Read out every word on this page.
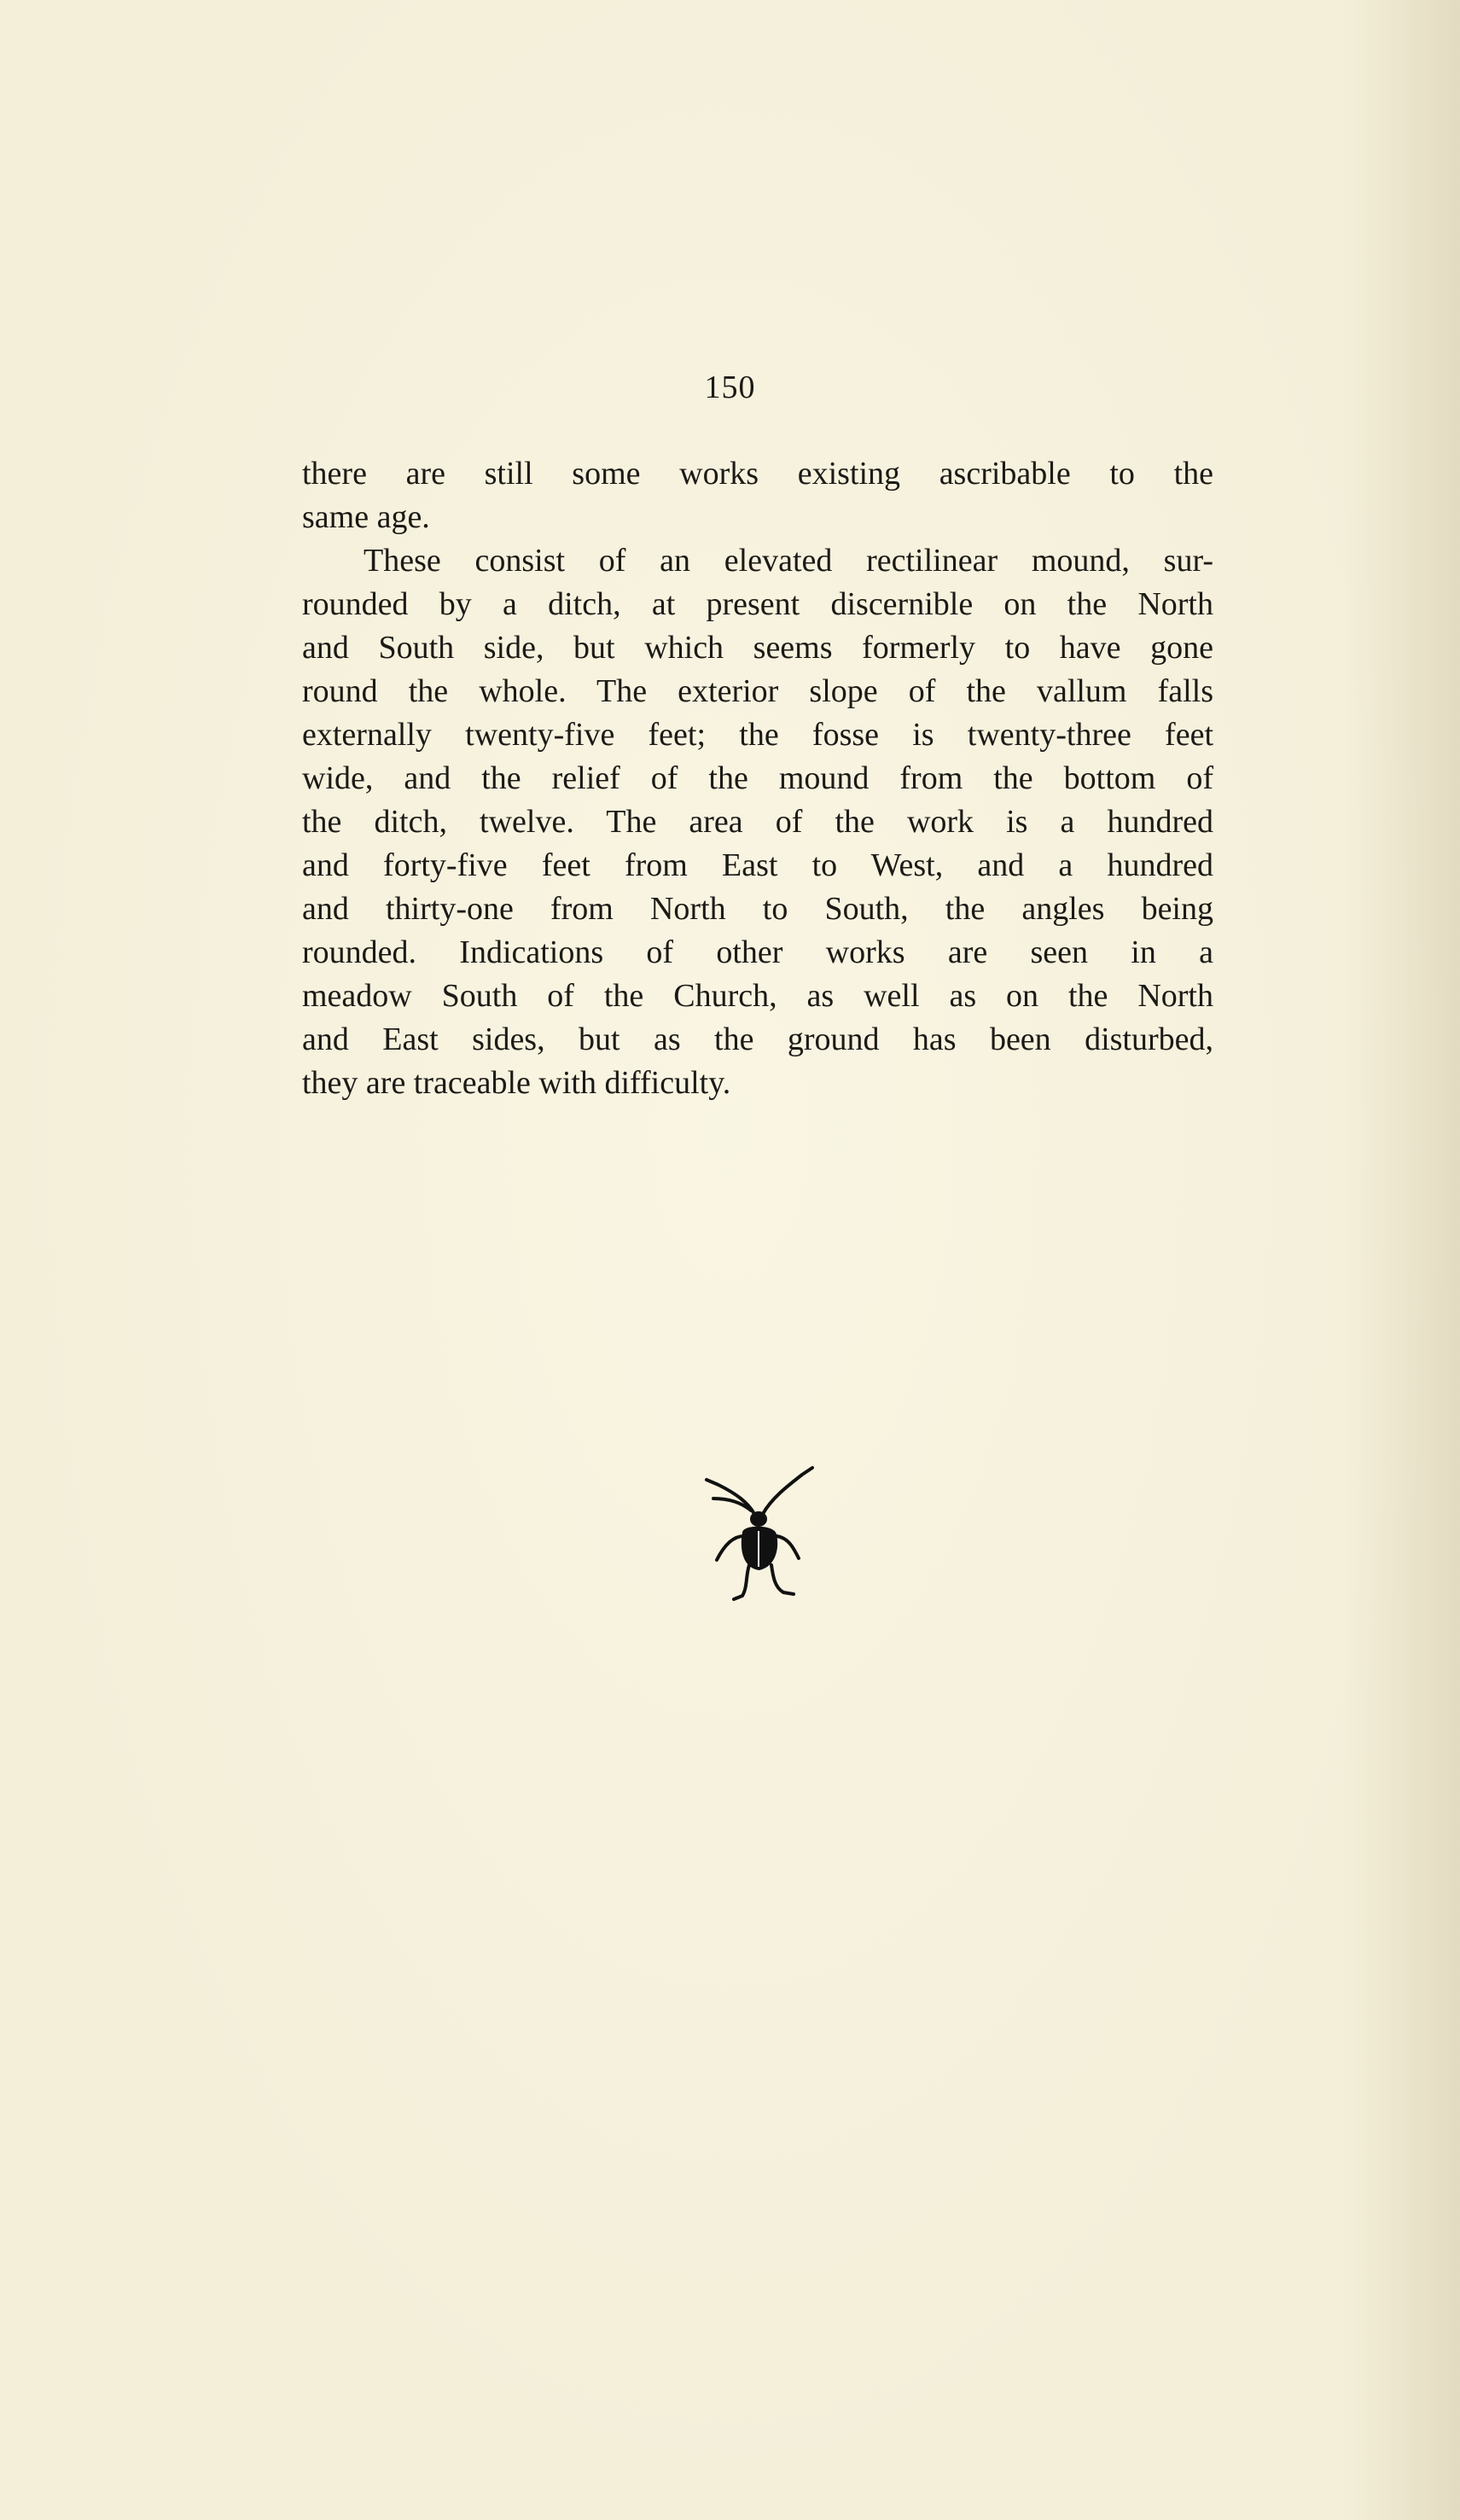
150
there are still some works existing ascribable to the
same age.
These consist of an elevated rectilinear mound, sur-
rounded by a ditch, at present discernible on the North
and South side, but which seems formerly to have gone
round the whole. The exterior slope of the vallum falls
externally twenty-five feet; the fosse is twenty-three feet
wide, and the relief of the mound from the bottom of
the ditch, twelve. The area of the work is a hundred
and forty-five feet from East to West, and a hundred
and thirty-one from North to South, the angles being
rounded. Indications of other works are seen in a
meadow South of the Church, as well as on the North
and East sides, but as the ground has been disturbed,
they are traceable with difficulty.
